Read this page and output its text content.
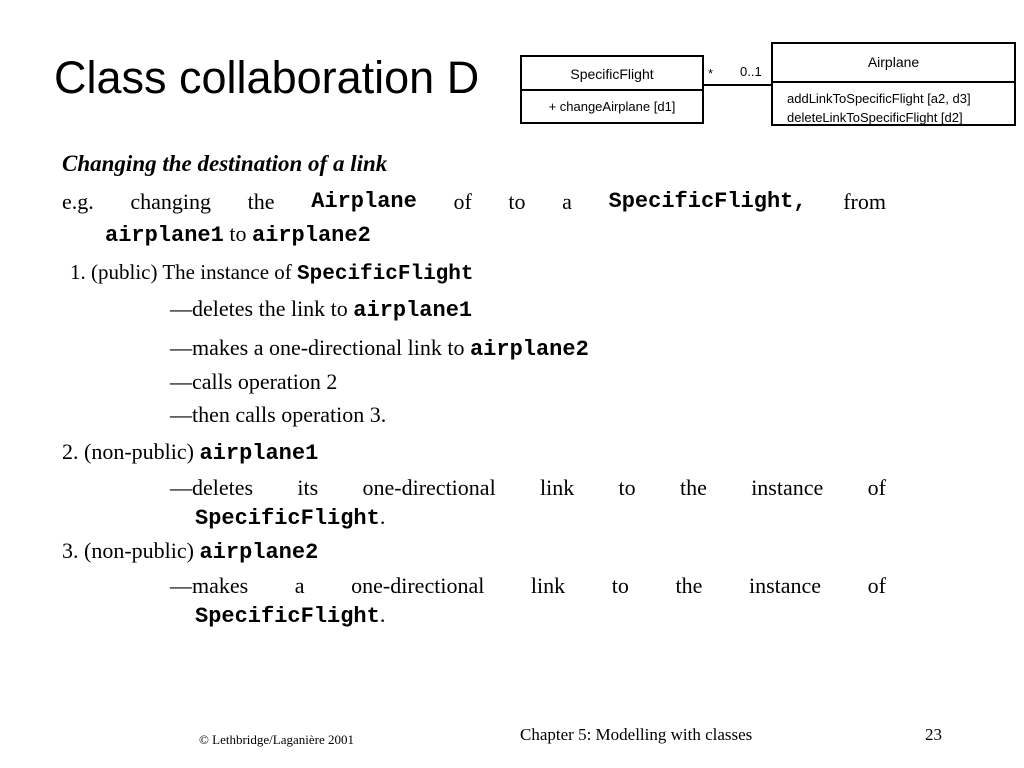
Class collaboration D	SpecificFlight
+ changeAirplane [d1]
* 0..1
Airplane
addLinkToSpecificFlight [a2, d3]
deleteLinkToSpecificFlight [d2]
Changing the destination of a link
e.g. changing the Airplane of to a SpecificFlight, from
airplane1 to airplane2
1. (public) The instance of SpecificFlight
—deletes the link to airplane1
—makes a one-directional link to airplane2
—calls operation 2
—then calls operation 3.
2. (non-public) airplane1
—deletes its one-directional link to the instance of
SpecificFlight.
3. (non-public) airplane2
—makes a one-directional link to the instance of
SpecificFlight.
© Lethbridge/Laganière 2001	Chapter 5: Modelling with classes	23
